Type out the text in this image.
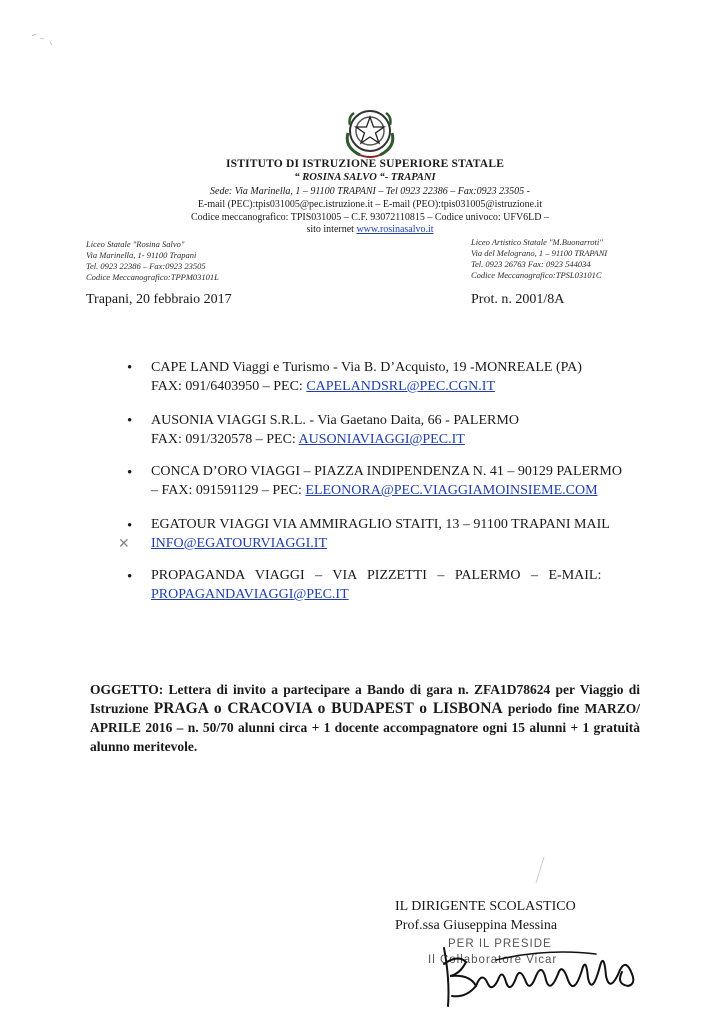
ISTITUTO DI ISTRUZIONE SUPERIORE STATALE
“ ROSINA SALVO “- TRAPANI
Sede: Via Marinella, 1 – 91100 TRAPANI – Tel 0923 22386 – Fax:0923 23505 -
E-mail (PEC):tpis031005@pec.istruzione.it – E-mail (PEO):tpis031005@istruzione.it
Codice meccanografico: TPIS031005 – C.F. 93072110815 – Codice univoco: UFV6LD –
sito internet www.rosinasalvo.it
Liceo Statale "Rosina Salvo"
Via Marinella, 1- 91100 Trapani
Tel. 0923 22386 – Fax:0923 23505
Codice Meccanografico:TPPM03101L
Liceo Artistico Statale "M.Buonarroti"
Via del Melograno, 1 – 91100 TRAPANI
Tel. 0923 26763 Fax: 0923 544034
Codice Meccanografico:TPSL03101C
Trapani, 20 febbraio 2017	Prot. n. 2001/8A
• CAPE LAND Viaggi e Turismo - Via B. D’Acquisto, 19 -MONREALE (PA)
FAX: 091/6403950 – PEC: CAPELANDSRL@PEC.CGN.IT
• AUSONIA VIAGGI S.R.L. - Via Gaetano Daita, 66 - PALERMO
FAX: 091/320578 – PEC: AUSONIAVIAGGI@PEC.IT
• CONCA D’ORO VIAGGI – PIAZZA INDIPENDENZA N. 41 – 90129 PALERMO
– FAX: 091591129 – PEC: ELEONORA@PEC.VIAGGIAMOINSIEME.COM
•
✕
EGATOUR VIAGGI VIA AMMIRAGLIO STAITI, 13 – 91100 TRAPANI MAIL
INFO@EGATOURVIAGGI.IT
• PROPAGANDA   VIAGGI   –   VIA   PIZZETTI   –   PALERMO   –   E-MAIL:
PROPAGANDAVIAGGI@PEC.IT
OGGETTO: Lettera di invito a partecipare a Bando di gara n. ZFA1D78624 per Viaggio di Istruzione PRAGA o CRACOVIA o BUDAPEST o LISBONA periodo fine MARZO/ APRILE 2016 – n. 50/70 alunni circa + 1 docente accompagnatore ogni 15 alunni + 1 gratuità alunno meritevole.
IL DIRIGENTE SCOLASTICO
Prof.ssa Giuseppina Messina
PER IL PRESIDE
Il Collaboratore Vicar
